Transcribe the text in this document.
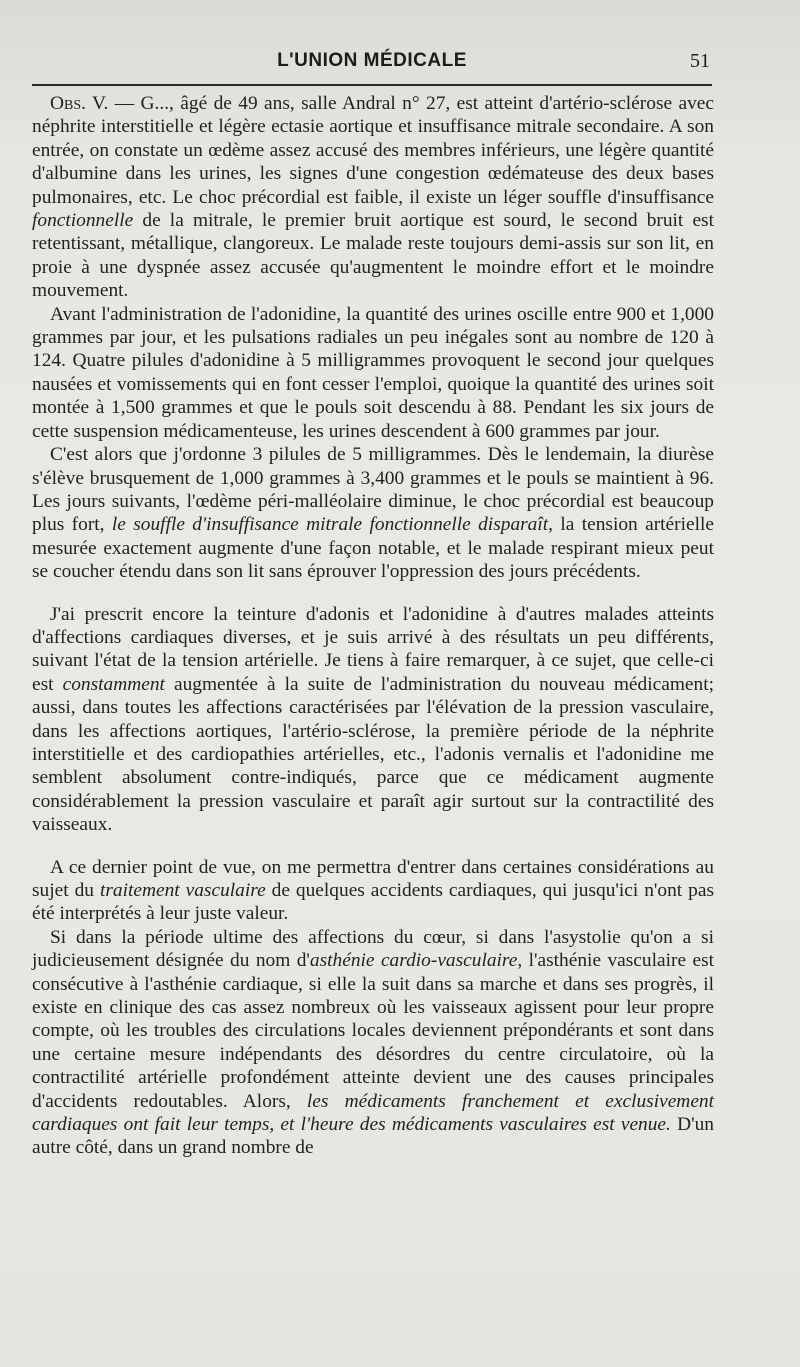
L'UNION MÉDICALE	51

Obs. V. — G..., âgé de 49 ans, salle Andral n° 27, est atteint d'artério-sclérose avec néphrite interstitielle et légère ectasie aortique et insuffisance mitrale secondaire. A son entrée, on constate un œdème assez accusé des membres inférieurs, une légère quantité d'albumine dans les urines, les signes d'une congestion œdémateuse des deux bases pulmonaires, etc. Le choc précordial est faible, il existe un léger souffle d'insuffisance fonctionnelle de la mitrale, le premier bruit aortique est sourd, le second bruit est retentissant, métallique, clangoreux. Le malade reste toujours demi-assis sur son lit, en proie à une dyspnée assez accusée qu'augmentent le moindre effort et le moindre mouvement.

Avant l'administration de l'adonidine, la quantité des urines oscille entre 900 et 1,000 grammes par jour, et les pulsations radiales un peu inégales sont au nombre de 120 à 124. Quatre pilules d'adonidine à 5 milligrammes provoquent le second jour quelques nausées et vomissements qui en font cesser l'emploi, quoique la quantité des urines soit montée à 1,500 grammes et que le pouls soit descendu à 88. Pendant les six jours de cette suspension médicamenteuse, les urines descendent à 600 grammes par jour.

C'est alors que j'ordonne 3 pilules de 5 milligrammes. Dès le lendemain, la diurèse s'élève brusquement de 1,000 grammes à 3,400 grammes et le pouls se maintient à 96. Les jours suivants, l'œdème péri-malléolaire diminue, le choc précordial est beaucoup plus fort, le souffle d'insuffisance mitrale fonctionnelle disparaît, la tension artérielle mesurée exactement augmente d'une façon notable, et le malade respirant mieux peut se coucher étendu dans son lit sans éprouver l'oppression des jours précédents.

J'ai prescrit encore la teinture d'adonis et l'adonidine à d'autres malades atteints d'affections cardiaques diverses, et je suis arrivé à des résultats un peu différents, suivant l'état de la tension artérielle. Je tiens à faire remarquer, à ce sujet, que celle-ci est constamment augmentée à la suite de l'administration du nouveau médicament; aussi, dans toutes les affections caractérisées par l'élévation de la pression vasculaire, dans les affections aortiques, l'artério-sclérose, la première période de la néphrite interstitielle et des cardiopathies artérielles, etc., l'adonis vernalis et l'adonidine me semblent absolument contre-indiqués, parce que ce médicament augmente considérablement la pression vasculaire et paraît agir surtout sur la contractilité des vaisseaux.

A ce dernier point de vue, on me permettra d'entrer dans certaines considérations au sujet du traitement vasculaire de quelques accidents cardiaques, qui jusqu'ici n'ont pas été interprétés à leur juste valeur.

Si dans la période ultime des affections du cœur, si dans l'asystolie qu'on a si judicieusement désignée du nom d'asthénie cardio-vasculaire, l'asthénie vasculaire est consécutive à l'asthénie cardiaque, si elle la suit dans sa marche et dans ses progrès, il existe en clinique des cas assez nombreux où les vaisseaux agissent pour leur propre compte, où les troubles des circulations locales deviennent prépondérants et sont dans une certaine mesure indépendants des désordres du centre circulatoire, où la contractilité artérielle profondément atteinte devient une des causes principales d'accidents redoutables. Alors, les médicaments franchement et exclusivement cardiaques ont fait leur temps, et l'heure des médicaments vasculaires est venue. D'un autre côté, dans un grand nombre de
